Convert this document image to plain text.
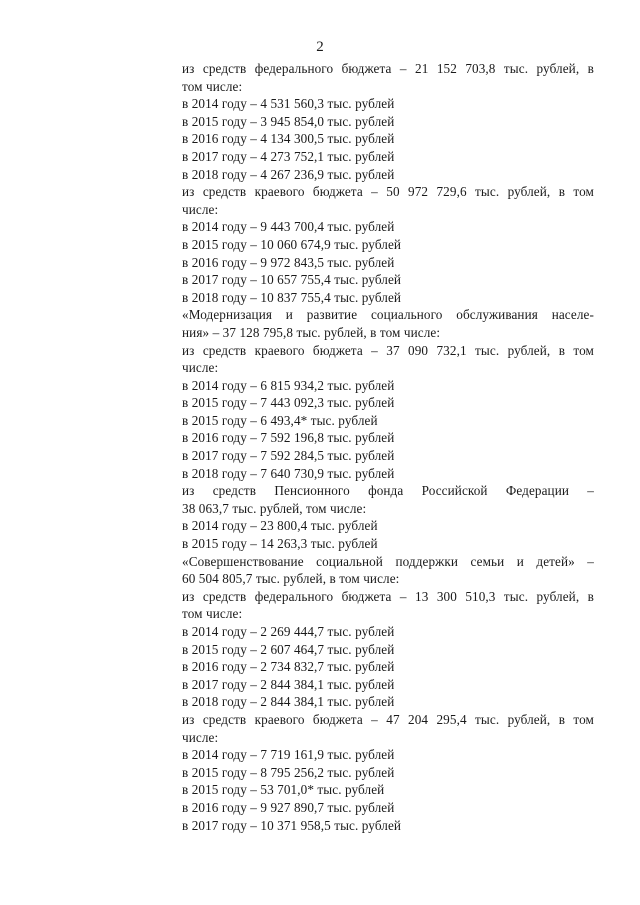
2
из средств федерального бюджета – 21 152 703,8 тыс. рублей, в
том числе:
в 2014 году – 4 531 560,3 тыс. рублей
в 2015 году – 3 945 854,0 тыс. рублей
в 2016 году – 4 134 300,5 тыс. рублей
в 2017 году – 4 273 752,1 тыс. рублей
в 2018 году – 4 267 236,9 тыс. рублей
из средств краевого бюджета – 50 972 729,6 тыс. рублей, в том
числе:
в 2014 году – 9 443 700,4 тыс. рублей
в 2015 году – 10 060 674,9 тыс. рублей
в 2016 году – 9 972 843,5 тыс. рублей
в 2017 году – 10 657 755,4 тыс. рублей
в 2018 году – 10 837 755,4 тыс. рублей
«Модернизация и развитие социального обслуживания населе-
ния» – 37 128 795,8 тыс. рублей, в том числе:
из средств краевого бюджета – 37 090 732,1 тыс. рублей, в том
числе:
в 2014 году – 6 815 934,2 тыс. рублей
в 2015 году – 7 443 092,3 тыс. рублей
в 2015 году – 6 493,4* тыс. рублей
в 2016 году – 7 592 196,8 тыс. рублей
в 2017 году – 7 592 284,5 тыс. рублей
в 2018 году – 7 640 730,9 тыс. рублей
из средств Пенсионного фонда Российской Федерации –
38 063,7 тыс. рублей, том числе:
в 2014 году – 23 800,4 тыс. рублей
в 2015 году – 14 263,3 тыс. рублей
«Совершенствование социальной поддержки семьи и детей» –
60 504 805,7 тыс. рублей, в том числе:
из средств федерального бюджета – 13 300 510,3 тыс. рублей, в
том числе:
в 2014 году – 2 269 444,7 тыс. рублей
в 2015 году – 2 607 464,7 тыс. рублей
в 2016 году – 2 734 832,7 тыс. рублей
в 2017 году – 2 844 384,1 тыс. рублей
в 2018 году – 2 844 384,1 тыс. рублей
из средств краевого бюджета – 47 204 295,4 тыс. рублей, в том
числе:
в 2014 году – 7 719 161,9 тыс. рублей
в 2015 году – 8 795 256,2 тыс. рублей
в 2015 году – 53 701,0* тыс. рублей
в 2016 году – 9 927 890,7 тыс. рублей
в 2017 году – 10 371 958,5 тыс. рублей
